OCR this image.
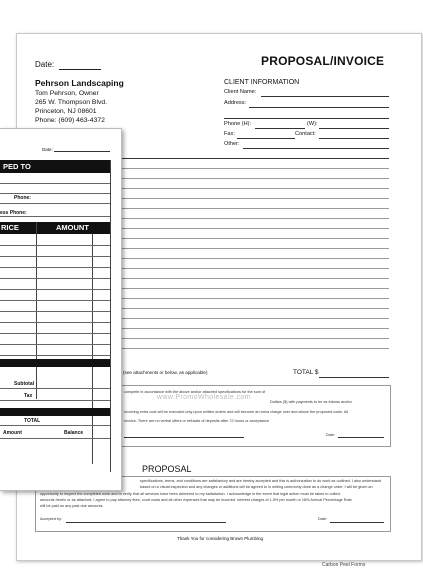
Date:	PROPOSAL/INVOICE
Pehrson Landscaping
Tom Pehrson, Owner
265 W. Thompson Blvd.
Princeton, NJ 08601
Phone: (609) 463-4372
CLIENT INFORMATION
Client Name:
Address:
Phone (H):	(W):
Fax:	Contact:
Other:
(see attachments or below, as applicable)	TOTAL $
complete in accordance with the above and/or attached specifications for the sum of
Dollars ($) with payments to be as follows and/or
involving extra cost will be executed only upon written orders and will become an extra charge over and above the proposed costs. All
invoice. There are no verbal offers or refusals of deposits after 72 hours or acceptance
Date:
PROPOSAL
specifications, terms, and conditions are satisfactory and are hereby accepted and this is authorization to do work as outlined. I also understand
based on a visual inspection and any changes or additions will be agreed to in writing commonly done as a change order. I will be given an
opportunity to inspect the completed work and to verify that all services have been delivered to my satisfaction. I acknowledge in the event that legal action must be taken to collect
amounts herein or as attached, I agree to pay attorney fees, court costs and all other expenses that may be incurred. Interest charges of 1.5% per month or 18% Annual Percentage Rate
will be paid on any past due amounts.
Accepted by:	Date:
Thank You for considering Brown Plumbing
www.PromoWholesale.com
Date:
PED TO
Phone:
ess Phone:
RICE	AMOUNT
Subtotal
Tax
TOTAL
Amount	Balance
Carbon Peel Forms
